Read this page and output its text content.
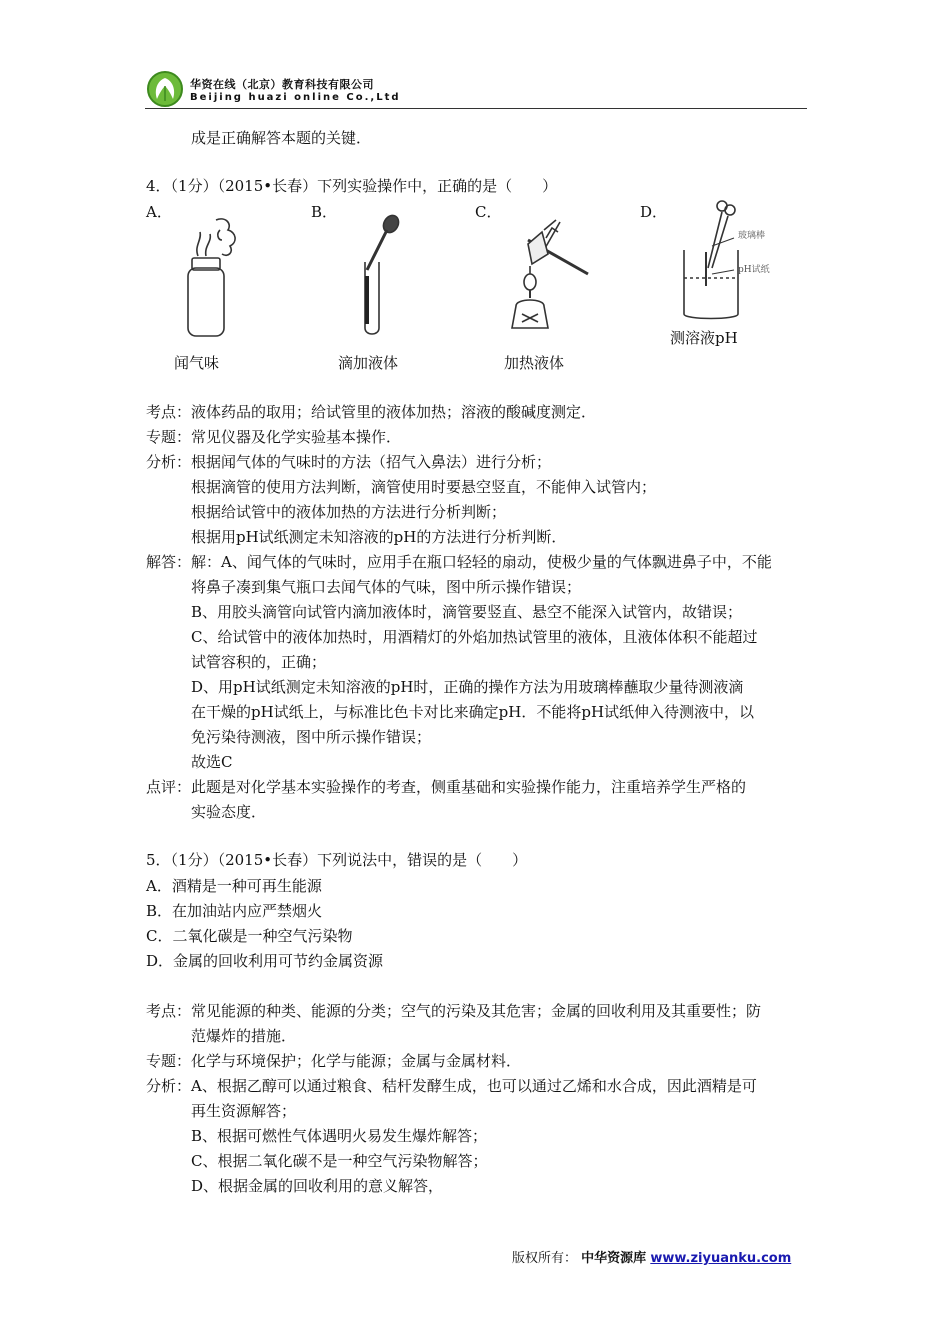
华资在线（北京）教育科技有限公司
Beijing huazi online Co.,Ltd
成是正确解答本题的关键．
4．（1分）（2015•长春）下列实验操作中，正确的是（　　）
A．	B．	C．	D．
玻璃棒
pH试纸
闻气味	滴加液体	加热液体
测溶液pH
考点：液体药品的取用；给试管里的液体加热；溶液的酸碱度测定．
专题：常见仪器及化学实验基本操作．
分析：根据闻气体的气味时的方法（招气入鼻法）进行分析；
根据滴管的使用方法判断，滴管使用时要悬空竖直，不能伸入试管内；
根据给试管中的液体加热的方法进行分析判断；
根据用pH试纸测定未知溶液的pH的方法进行分析判断．
解答：解：A、闻气体的气味时，应用手在瓶口轻轻的扇动，使极少量的气体飘进鼻子中，不能
将鼻子凑到集气瓶口去闻气体的气味，图中所示操作错误；
B、用胶头滴管向试管内滴加液体时，滴管要竖直、悬空不能深入试管内，故错误；
C、给试管中的液体加热时，用酒精灯的外焰加热试管里的液体，且液体体积不能超过
试管容积的，正确；
D、用pH试纸测定未知溶液的pH时，正确的操作方法为用玻璃棒蘸取少量待测液滴
在干燥的pH试纸上，与标准比色卡对比来确定pH．不能将pH试纸伸入待测液中，以
免污染待测液，图中所示操作错误；
故选C
点评：此题是对化学基本实验操作的考查，侧重基础和实验操作能力，注重培养学生严格的
实验态度．
5．（1分）（2015•长春）下列说法中，错误的是（　　）
A．酒精是一种可再生能源
B．在加油站内应严禁烟火
C．二氧化碳是一种空气污染物
D．金属的回收利用可节约金属资源
考点：常见能源的种类、能源的分类；空气的污染及其危害；金属的回收利用及其重要性；防
范爆炸的措施．
专题：化学与环境保护；化学与能源；金属与金属材料．
分析：A、根据乙醇可以通过粮食、秸杆发酵生成，也可以通过乙烯和水合成，因此酒精是可
再生资源解答；
B、根据可燃性气体遇明火易发生爆炸解答；
C、根据二氧化碳不是一种空气污染物解答；
D、根据金属的回收利用的意义解答，
版权所有： 中华资源库 www.ziyuanku.com
